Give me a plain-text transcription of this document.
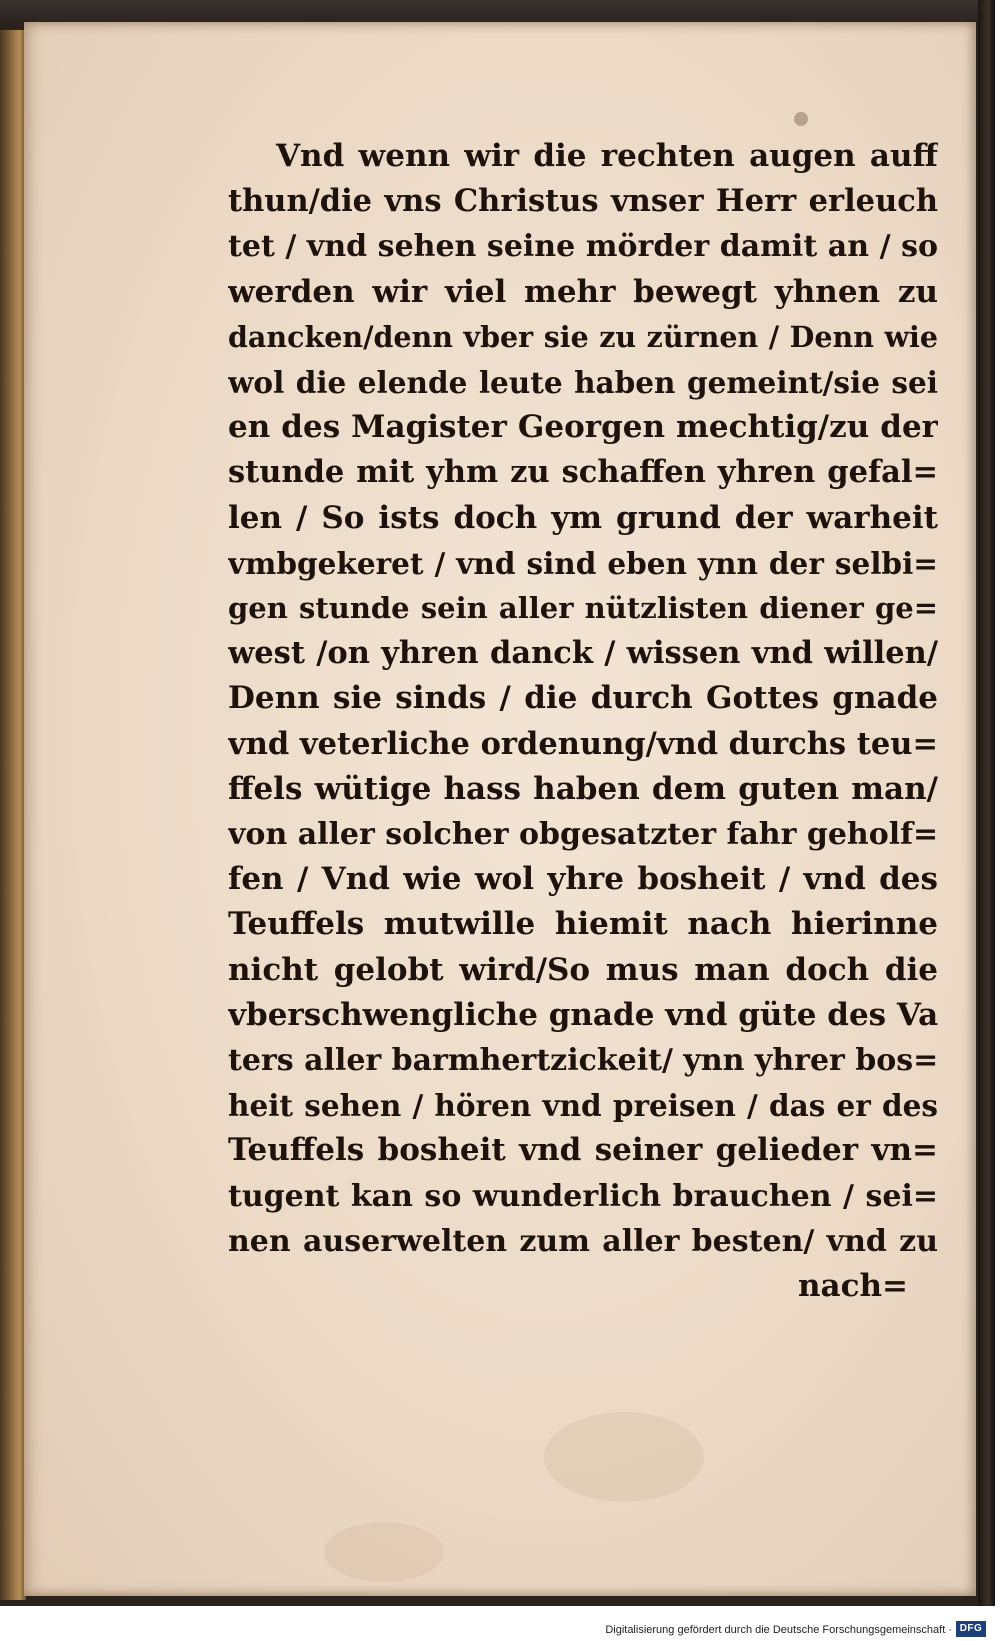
Vnd wenn wir die rechten augen auff
thun/die vns Christus vnser Herr erleuch
tet / vnd sehen seine mörder damit an / so
werden wir viel mehr bewegt yhnen zu
dancken/denn vber sie zu zürnen / Denn wie
wol die elende leute haben gemeint/sie sei
en des Magister Georgen mechtig/zu der
stunde mit yhm zu schaffen yhren gefal=
len / So ists doch ym grund der warheit
vmbgekeret / vnd sind eben ynn der selbi=
gen stunde sein aller nützlisten diener ge=
west /on yhren danck / wissen vnd willen/
Denn sie sinds / die durch Gottes gnade
vnd veterliche ordenung/vnd durchs teu=
ffels wütige hass haben dem guten man/
von aller solcher obgesatzter fahr geholf=
fen / Vnd wie wol yhre bosheit / vnd des
Teuffels mutwille hiemit nach hierinne
nicht gelobt wird/So mus man doch die
vberschwengliche gnade vnd güte des Va
ters aller barmhertzickeit/ ynn yhrer bos=
heit sehen / hören vnd preisen / das er des
Teuffels bosheit vnd seiner gelieder vn=
tugent kan so wunderlich brauchen / sei=
nen auserwelten zum aller besten/ vnd zu
nach=
Digitalisierung gefördert durch die Deutsche Forschungsgemeinschaft · DFG
